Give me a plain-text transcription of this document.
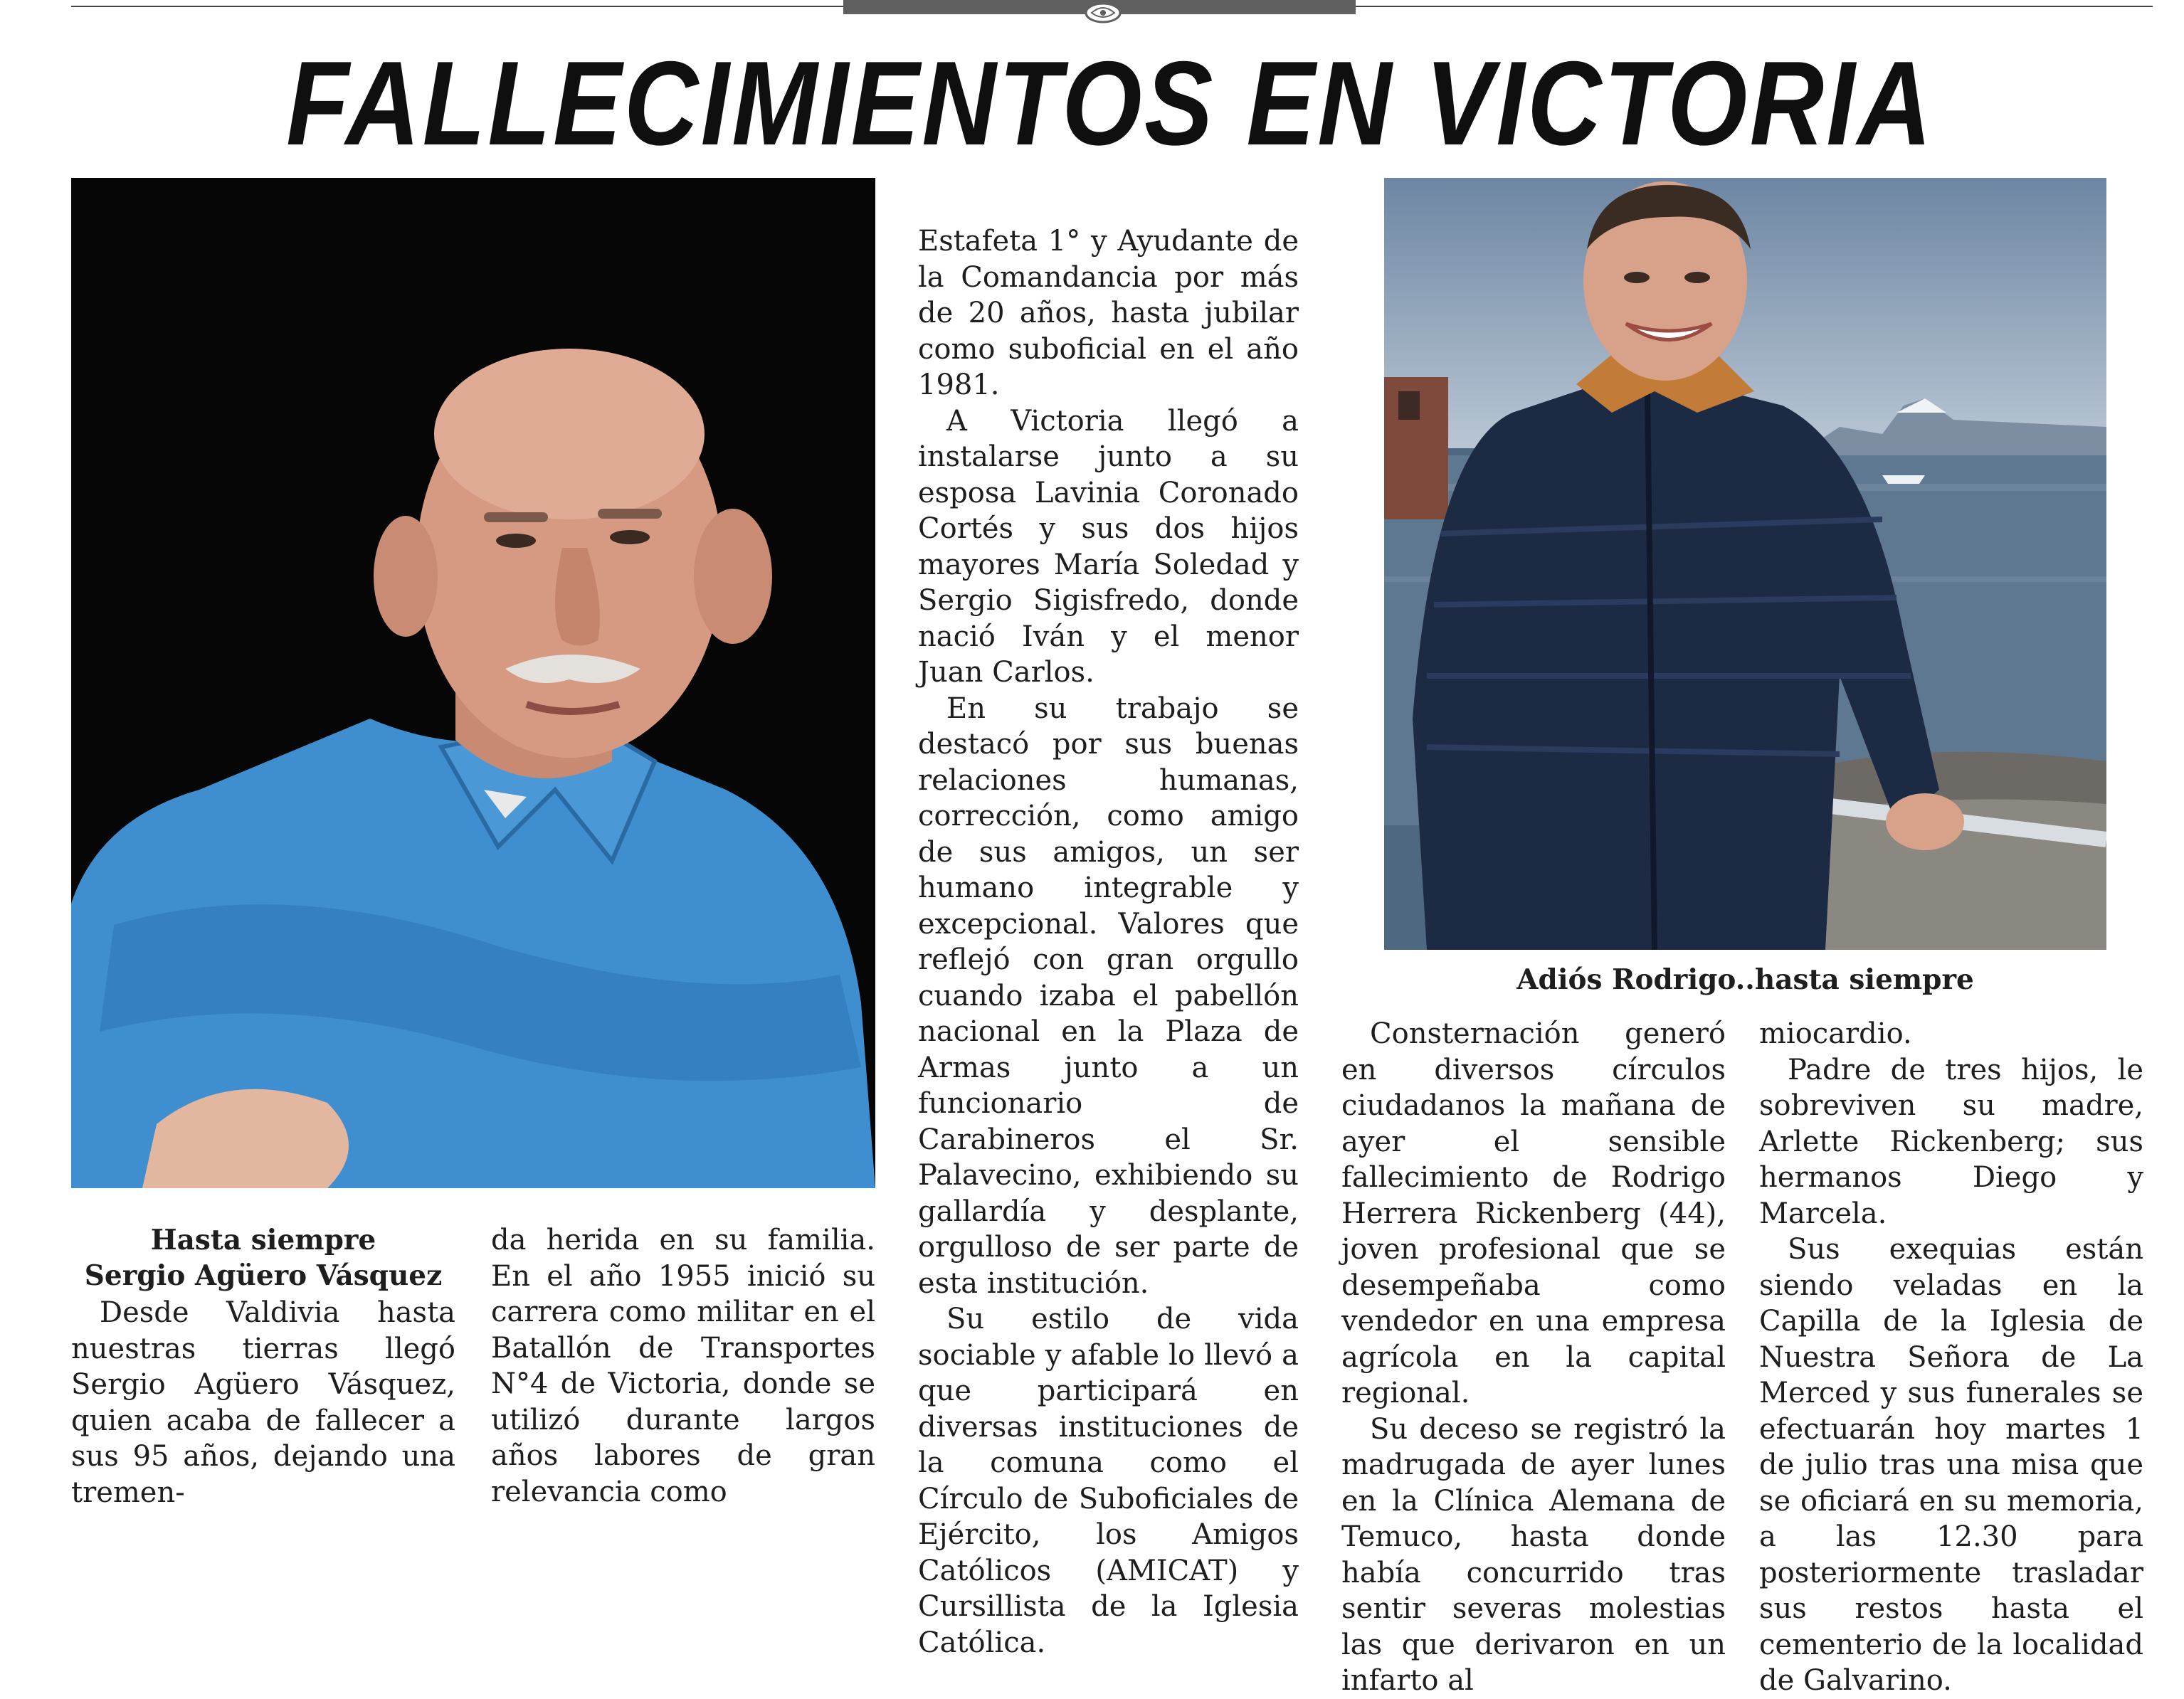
FALLECIMIENTOS EN VICTORIA
Adiós Rodrigo..hasta siempre
Hasta siempre
Sergio Agüero Vásquez

Desde Valdivia hasta nuestras tierras llegó Sergio Agüero Vásquez, quien acaba de fallecer a sus 95 años, dejando una tremen-

da herida en su familia. En el año 1955 inició su carrera como militar en el Batallón de Transportes N°4 de Victoria, donde se utilizó durante largos años labores de gran relevancia como

Estafeta 1° y Ayudante de la Comandancia por más de 20 años, hasta jubilar como suboficial en el año 1981.

A Victoria llegó a instalarse junto a su esposa Lavinia Coronado Cortés y sus dos hijos mayores María Soledad y Sergio Sigisfredo, donde nació Iván y el menor Juan Carlos.

En su trabajo se destacó por sus buenas relaciones humanas, corrección, como amigo de sus amigos, un ser humano integrable y excepcional. Valores que reflejó con gran orgullo cuando izaba el pabellón nacional en la Plaza de Armas junto a un funcionario de Carabineros el Sr. Palavecino, exhibiendo su gallardía y desplante, orgulloso de ser parte de esta institución.

Su estilo de vida sociable y afable lo llevó a que participará en diversas instituciones de la comuna como el Círculo de Suboficiales de Ejército, los Amigos Católicos (AMICAT) y Cursillista de la Iglesia Católica.

Consternación generó en diversos círculos ciudadanos la mañana de ayer el sensible fallecimiento de Rodrigo Herrera Rickenberg (44), joven profesional que se desempeñaba como vendedor en una empresa agrícola en la capital regional.

Su deceso se registró la madrugada de ayer lunes en la Clínica Alemana de Temuco, hasta donde había concurrido tras sentir severas molestias las que derivaron en un infarto al

miocardio.

Padre de tres hijos, le sobreviven su madre, Arlette Rickenberg; sus hermanos Diego y Marcela.

Sus exequias están siendo veladas en la Capilla de la Iglesia de Nuestra Señora de La Merced y sus funerales se efectuarán hoy martes 1 de julio tras una misa que se oficiará en su memoria, a las 12.30 para posteriormente trasladar sus restos hasta el cementerio de la localidad de Galvarino.
